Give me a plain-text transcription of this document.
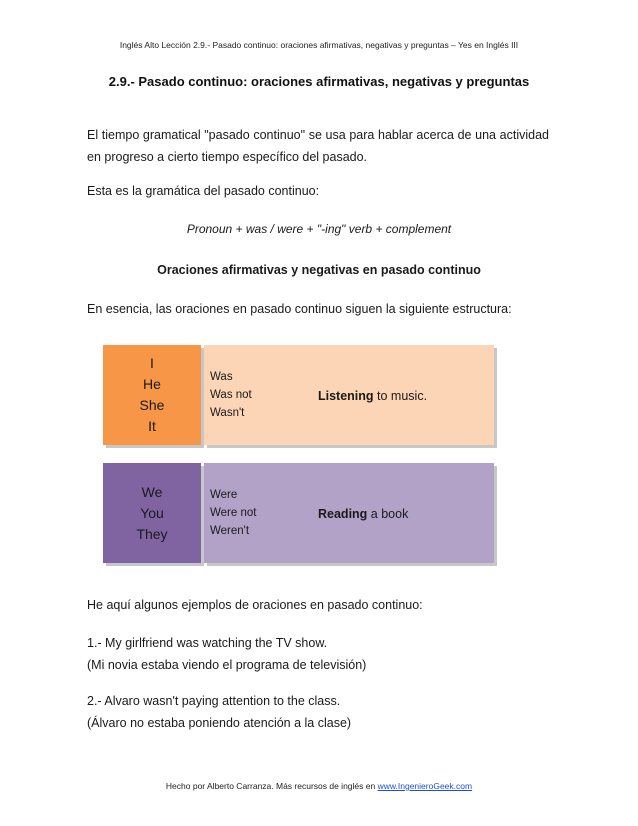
Inglés Alto Lección 2.9.- Pasado continuo: oraciones afirmativas, negativas y preguntas – Yes en Inglés III
2.9.- Pasado continuo: oraciones afirmativas, negativas y preguntas
El tiempo gramatical "pasado continuo" se usa para hablar acerca de una actividad en progreso a cierto tiempo específico del pasado.
Esta es la gramática del pasado continuo:
Pronoun + was / were + "-ing" verb + complement
Oraciones afirmativas y negativas en pasado continuo
En esencia, las oraciones en pasado continuo siguen la siguiente estructura:
I
He
She
It
Was
Was not
Wasn't
Listening to music.
We
You
They
Were
Were not
Weren't
Reading a book
He aquí algunos ejemplos de oraciones en pasado continuo:
1.- My girlfriend was watching the TV show.
(Mi novia estaba viendo el programa de televisión)
2.- Alvaro wasn't paying attention to the class.
(Álvaro no estaba poniendo atención a la clase)
Hecho por Alberto Carranza. Más recursos de inglés en www.IngenieroGeek.com
